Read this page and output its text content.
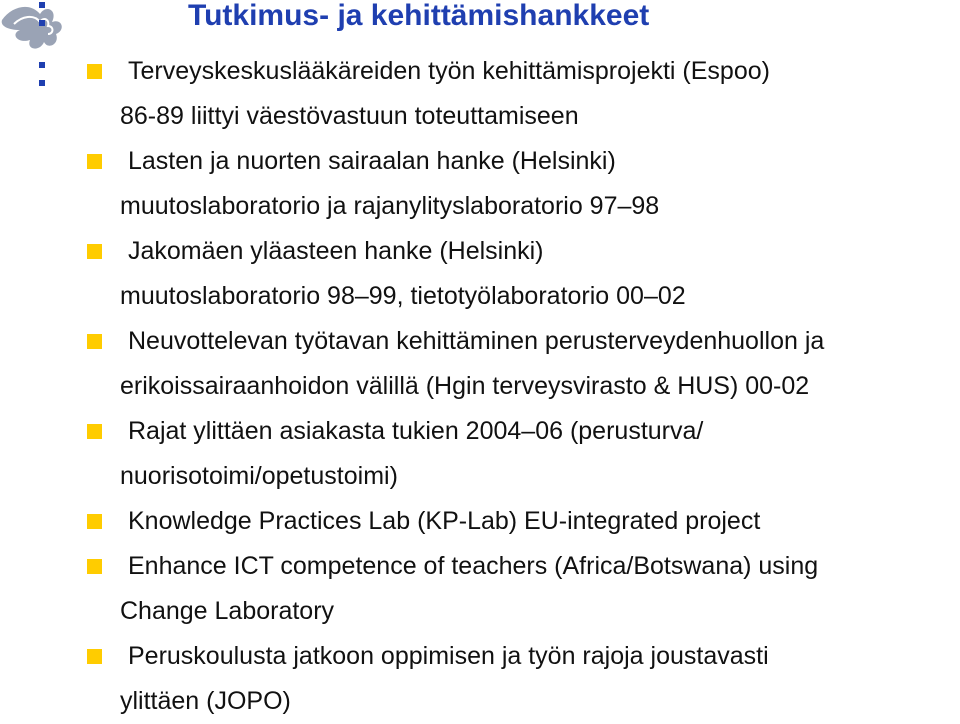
Tutkimus- ja kehittämishankkeet
Terveyskeskuslääkäreiden työn kehittämisprojekti (Espoo)
86-89 liittyi väestövastuun toteuttamiseen
Lasten ja nuorten sairaalan hanke (Helsinki)
muutoslaboratorio ja rajanylityslaboratorio 97–98
Jakomäen yläasteen hanke (Helsinki)
muutoslaboratorio 98–99, tietotyölaboratorio 00–02
Neuvottelevan työtavan kehittäminen perusterveydenhuollon ja
erikoissairaanhoidon välillä (Hgin terveysvirasto & HUS) 00-02
Rajat ylittäen asiakasta tukien 2004–06 (perusturva/
nuorisotoimi/opetustoimi)
Knowledge Practices Lab (KP-Lab) EU-integrated project
Enhance ICT competence of teachers (Africa/Botswana) using
Change Laboratory
Peruskoulusta jatkoon oppimisen ja työn rajoja joustavasti
ylittäen (JOPO)
